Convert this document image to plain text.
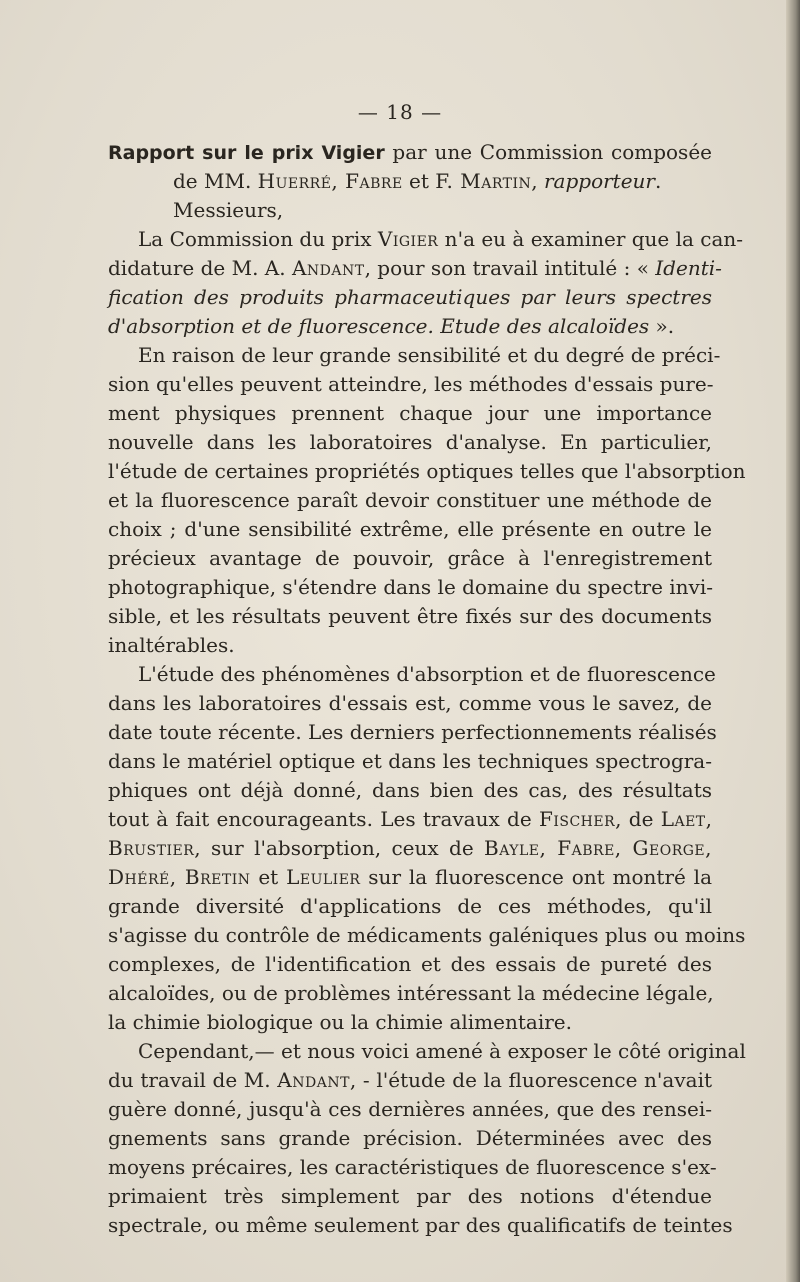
— 18 —
Rapport sur le prix Vigier par une Commission composée
de MM. Huerré, Fabre et F. Martin, rapporteur.
Messieurs,
La Commission du prix Vigier n'a eu à examiner que la can-
didature de M. A. Andant, pour son travail intitulé : « Identi-
fication des produits pharmaceutiques par leurs spectres
d'absorption et de fluorescence. Etude des alcaloïdes ».
En raison de leur grande sensibilité et du degré de préci-
sion qu'elles peuvent atteindre, les méthodes d'essais pure-
ment physiques prennent chaque jour une importance
nouvelle dans les laboratoires d'analyse. En particulier,
l'étude de certaines propriétés optiques telles que l'absorption
et la fluorescence paraît devoir constituer une méthode de
choix ; d'une sensibilité extrême, elle présente en outre le
précieux avantage de pouvoir, grâce à l'enregistrement
photographique, s'étendre dans le domaine du spectre invi-
sible, et les résultats peuvent être fixés sur des documents
inaltérables.
L'étude des phénomènes d'absorption et de fluorescence
dans les laboratoires d'essais est, comme vous le savez, de
date toute récente. Les derniers perfectionnements réalisés
dans le matériel optique et dans les techniques spectrogra-
phiques ont déjà donné, dans bien des cas, des résultats
tout à fait encourageants. Les travaux de Fischer, de Laet,
Brustier, sur l'absorption, ceux de Bayle, Fabre, George,
Dhéré, Bretin et Leulier sur la fluorescence ont montré la
grande diversité d'applications de ces méthodes, qu'il
s'agisse du contrôle de médicaments galéniques plus ou moins
complexes, de l'identification et des essais de pureté des
alcaloïdes, ou de problèmes intéressant la médecine légale,
la chimie biologique ou la chimie alimentaire.
Cependant,— et nous voici amené à exposer le côté original
du travail de M. Andant, - l'étude de la fluorescence n'avait
guère donné, jusqu'à ces dernières années, que des rensei-
gnements sans grande précision. Déterminées avec des
moyens précaires, les caractéristiques de fluorescence s'ex-
primaient très simplement par des notions d'étendue
spectrale, ou même seulement par des qualificatifs de teintes
